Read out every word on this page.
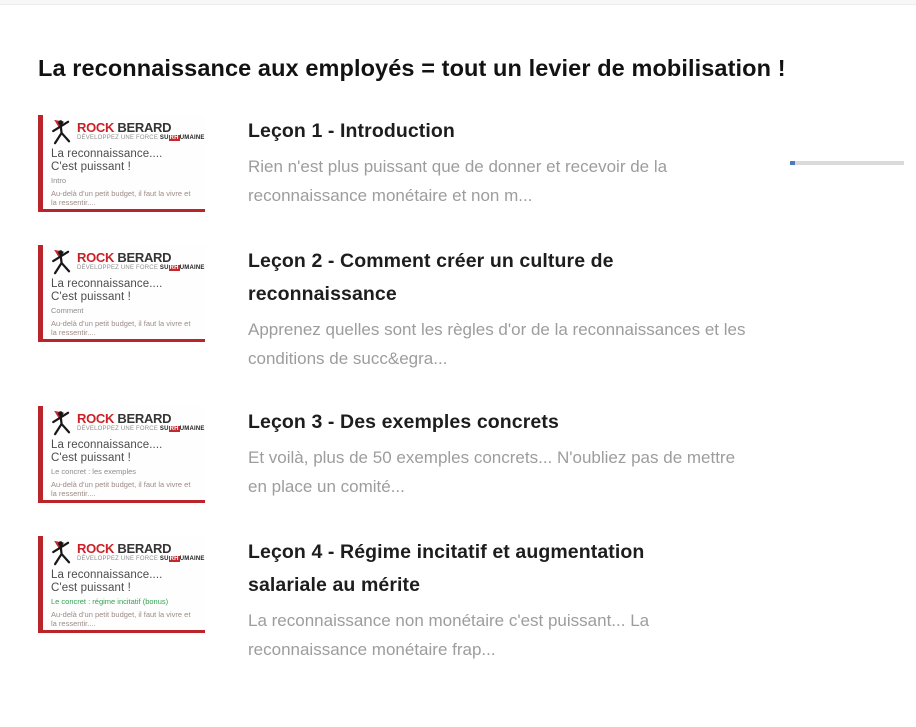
La reconnaissance aux employés = tout un levier de mobilisation !
ROCK BERARD
DÉVELOPPEZ UNE FORCE SURHUMAINE
La reconnaissance....
C'est puissant !
Intro
Au-delà d'un petit budget, il faut la vivre et la ressentir....
Leçon 1 - Introduction

Rien n'est plus puissant que de donner et recevoir de la reconnaissance monétaire et non m...

ROCK BERARD
DÉVELOPPEZ UNE FORCE SURHUMAINE
La reconnaissance....
C'est puissant !
Comment
Au-delà d'un petit budget, il faut la vivre et la ressentir....
Leçon 2 - Comment créer un culture de reconnaissance

Apprenez quelles sont les règles d'or de la reconnaissances et les conditions de succ&egra...

ROCK BERARD
DÉVELOPPEZ UNE FORCE SURHUMAINE
La reconnaissance....
C'est puissant !
Le concret : les exemples
Au-delà d'un petit budget, il faut la vivre et la ressentir....
Leçon 3 - Des exemples concrets

Et voilà, plus de 50 exemples concrets... N'oubliez pas de mettre en place un comité...

ROCK BERARD
DÉVELOPPEZ UNE FORCE SURHUMAINE
La reconnaissance....
C'est puissant !
Le concret : régime incitatif (bonus)
Au-delà d'un petit budget, il faut la vivre et la ressentir....
Leçon 4 - Régime incitatif et augmentation salariale au mérite

La reconnaissance non monétaire c'est puissant... La reconnaissance monétaire frap...
